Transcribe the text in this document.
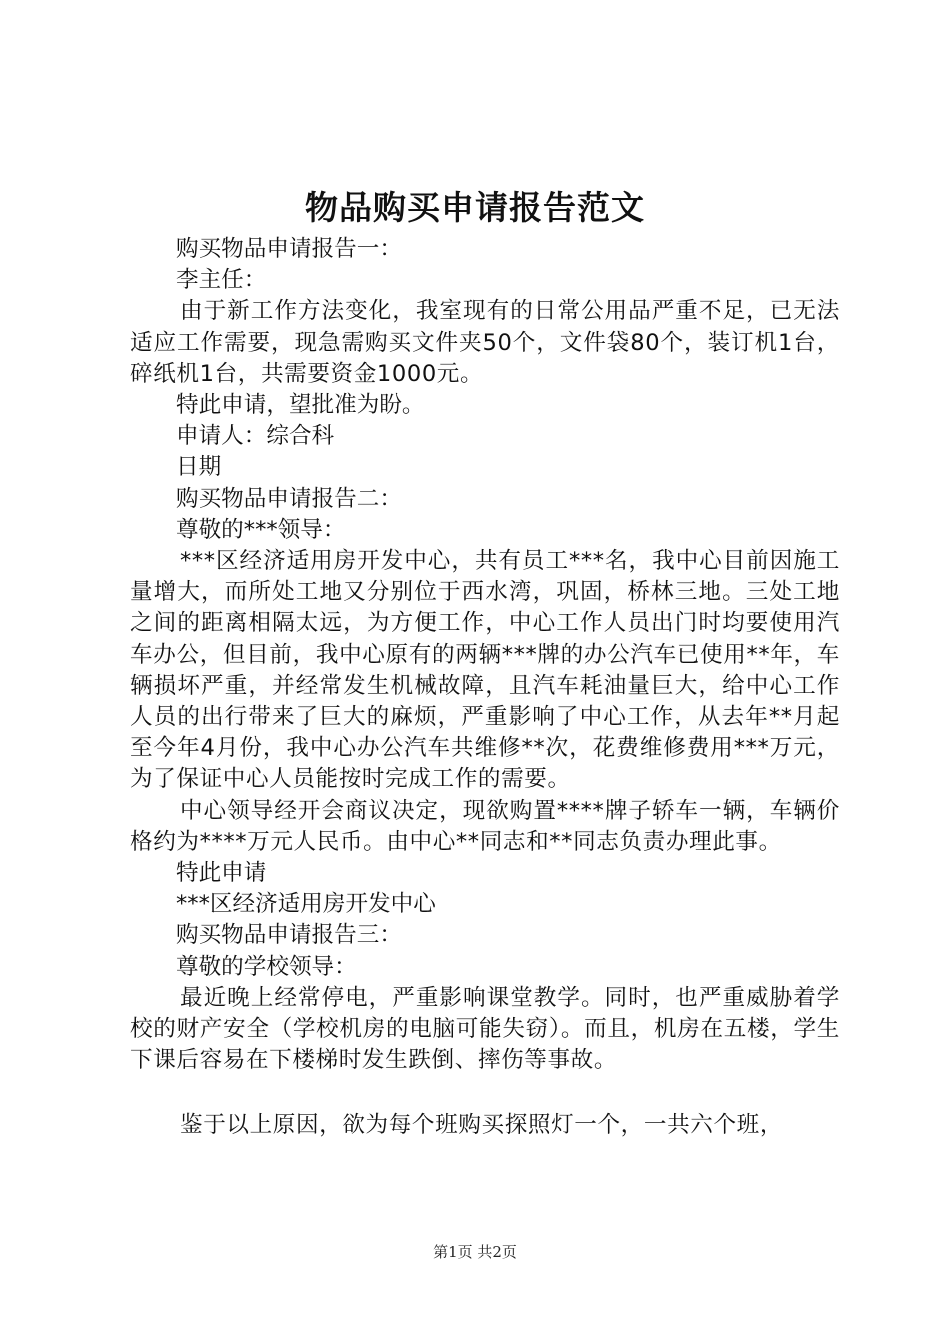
物品购买申请报告范文

购买物品申请报告一：

李主任：

由于新工作方法变化，我室现有的日常公用品严重不足，已无法适应工作需要，现急需购买文件夹50个，文件袋80个，装订机1台，碎纸机1台，共需要资金1000元。

特此申请，望批准为盼。

申请人：综合科

日期

购买物品申请报告二：

尊敬的***领导：

***区经济适用房开发中心，共有员工***名，我中心目前因施工量增大，而所处工地又分别位于西水湾，巩固，桥林三地。三处工地之间的距离相隔太远，为方便工作，中心工作人员出门时均要使用汽车办公，但目前，我中心原有的两辆***牌的办公汽车已使用**年，车辆损坏严重，并经常发生机械故障，且汽车耗油量巨大，给中心工作人员的出行带来了巨大的麻烦，严重影响了中心工作，从去年**月起至今年4月份，我中心办公汽车共维修**次，花费维修费用***万元，为了保证中心人员能按时完成工作的需要。

中心领导经开会商议决定，现欲购置****牌子轿车一辆，车辆价格约为****万元人民币。由中心**同志和**同志负责办理此事。

特此申请

***区经济适用房开发中心

购买物品申请报告三：

尊敬的学校领导：

最近晚上经常停电，严重影响课堂教学。同时，也严重威胁着学校的财产安全（学校机房的电脑可能失窃）。而且，机房在五楼，学生下课后容易在下楼梯时发生跌倒、摔伤等事故。

鉴于以上原因，欲为每个班购买探照灯一个，一共六个班，

第1页 共2页
